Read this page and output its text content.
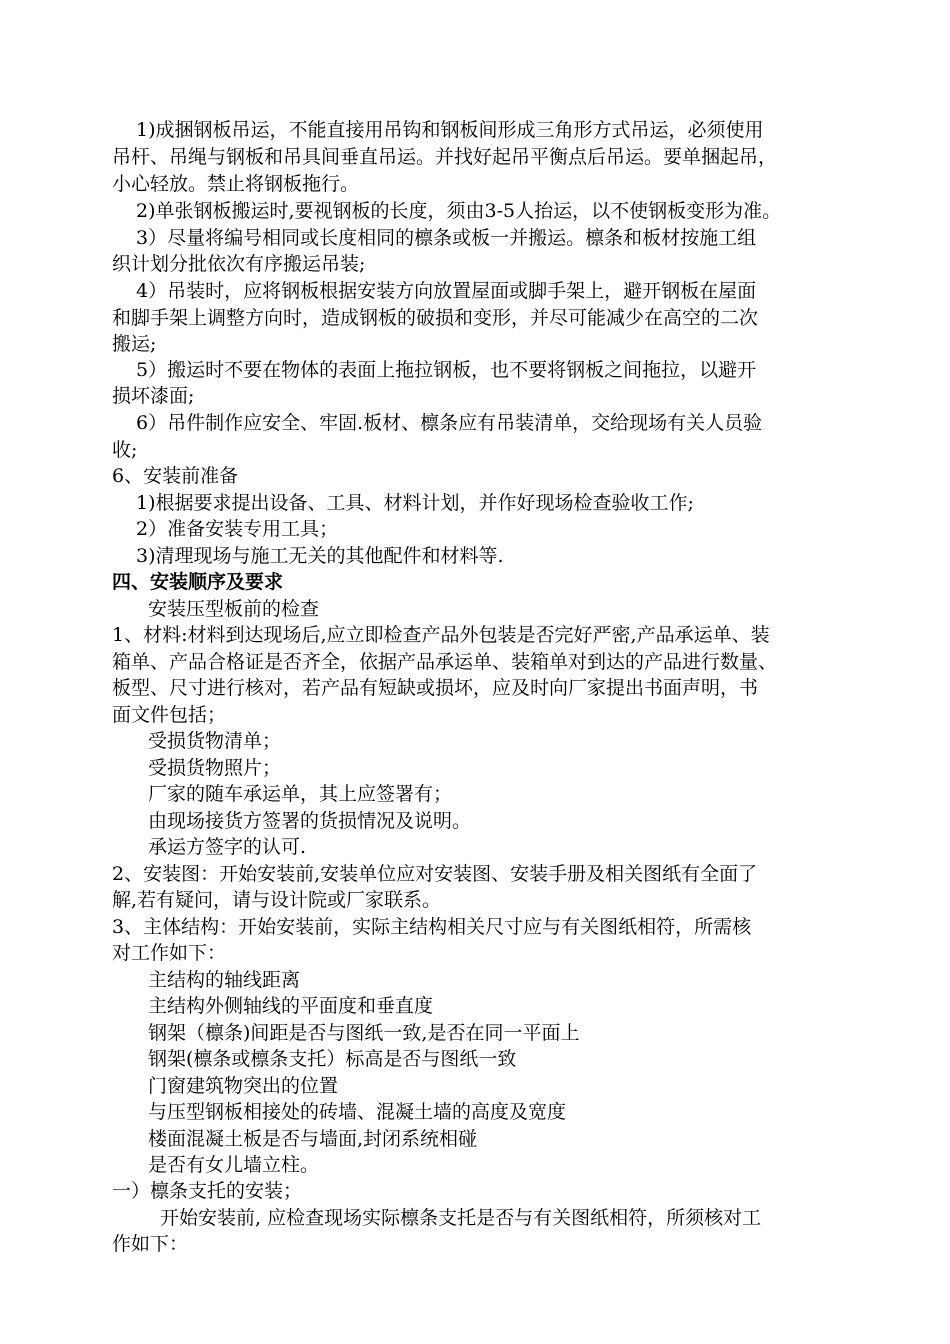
1)成捆钢板吊运，不能直接用吊钩和钢板间形成三角形方式吊运，必须使用
吊杆、吊绳与钢板和吊具间垂直吊运。并找好起吊平衡点后吊运。要单捆起吊，
小心轻放。禁止将钢板拖行。
2)单张钢板搬运时,要视钢板的长度，须由3-5人抬运，以不使钢板变形为准。
3）尽量将编号相同或长度相同的檩条或板一并搬运。檩条和板材按施工组
织计划分批依次有序搬运吊装;
4）吊装时，应将钢板根据安装方向放置屋面或脚手架上，避开钢板在屋面
和脚手架上调整方向时，造成钢板的破损和变形，并尽可能减少在高空的二次
搬运;
5）搬运时不要在物体的表面上拖拉钢板，也不要将钢板之间拖拉，以避开
损坏漆面;
6）吊件制作应安全、牢固.板材、檩条应有吊装清单，交给现场有关人员验
收;
6、安装前准备
1)根据要求提出设备、工具、材料计划，并作好现场检查验收工作;
2）准备安装专用工具；
3)清理现场与施工无关的其他配件和材料等.
四、安装顺序及要求
安装压型板前的检查
1、材料:材料到达现场后,应立即检查产品外包装是否完好严密,产品承运单、装
箱单、产品合格证是否齐全，依据产品承运单、装箱单对到达的产品进行数量、
板型、尺寸进行核对，若产品有短缺或损坏，应及时向厂家提出书面声明，书
面文件包括；
受损货物清单；
受损货物照片；
厂家的随车承运单，其上应签署有；
由现场接货方签署的货损情况及说明。
承运方签字的认可.
2、安装图：开始安装前,安装单位应对安装图、安装手册及相关图纸有全面了
解,若有疑问，请与设计院或厂家联系。
3、主体结构：开始安装前，实际主结构相关尺寸应与有关图纸相符，所需核
对工作如下：
主结构的轴线距离
主结构外侧轴线的平面度和垂直度
钢架（檩条)间距是否与图纸一致,是否在同一平面上
钢架(檩条或檩条支托）标高是否与图纸一致
门窗建筑物突出的位置
与压型钢板相接处的砖墙、混凝土墙的高度及宽度
楼面混凝土板是否与墙面,封闭系统相碰
是否有女儿墙立柱。
一）檩条支托的安装；
开始安装前, 应检查现场实际檩条支托是否与有关图纸相符，所须核对工
作如下：
